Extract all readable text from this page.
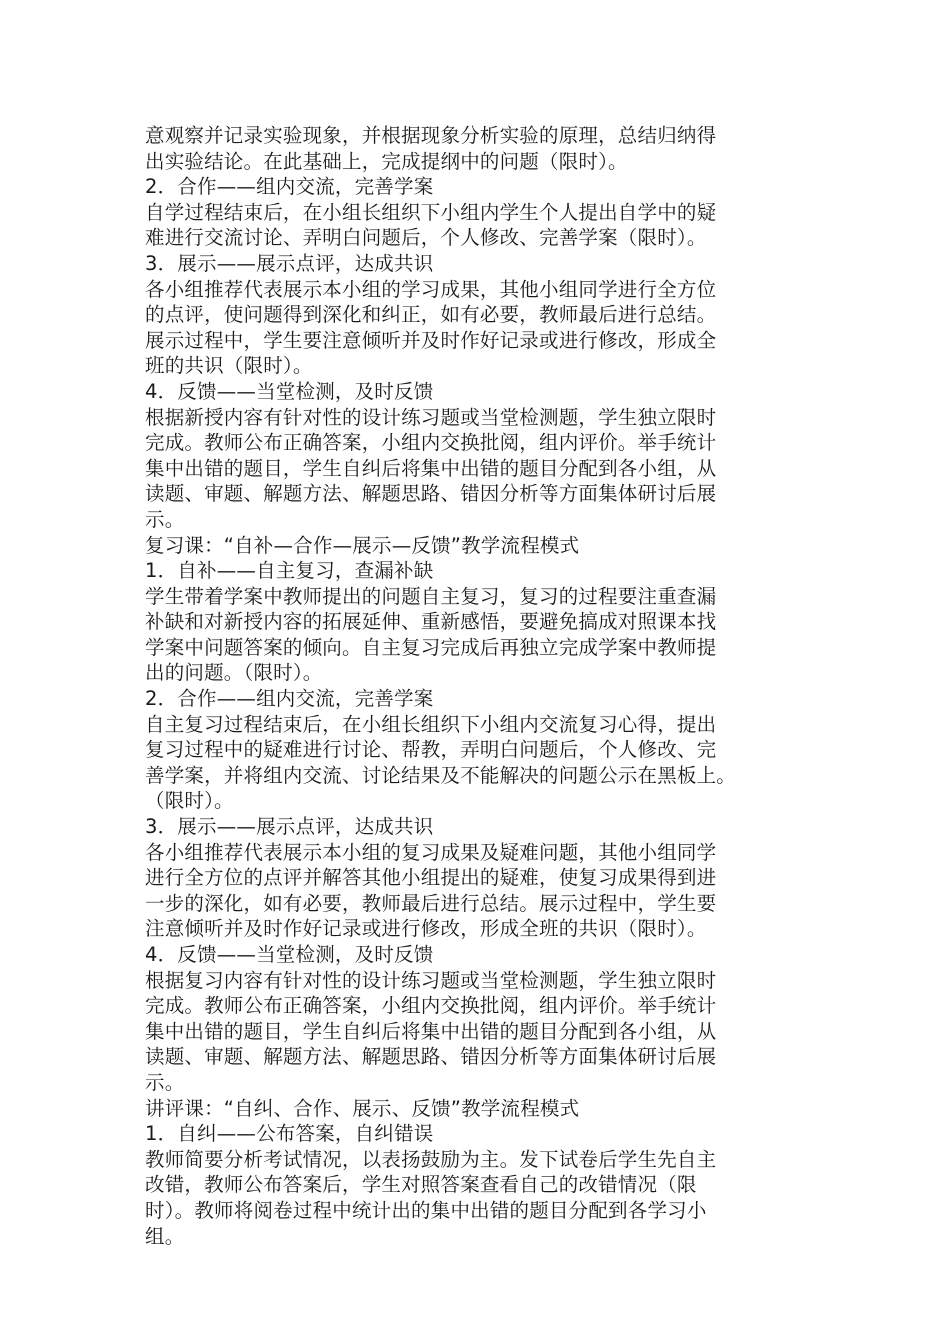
意观察并记录实验现象，并根据现象分析实验的原理，总结归纳得
出实验结论。在此基础上，完成提纲中的问题（限时）。
2．合作——组内交流，完善学案
自学过程结束后，在小组长组织下小组内学生个人提出自学中的疑
难进行交流讨论、弄明白问题后，个人修改、完善学案（限时）。
3．展示——展示点评，达成共识
各小组推荐代表展示本小组的学习成果，其他小组同学进行全方位
的点评，使问题得到深化和纠正，如有必要，教师最后进行总结。
展示过程中，学生要注意倾听并及时作好记录或进行修改，形成全
班的共识（限时）。
4．反馈——当堂检测，及时反馈
根据新授内容有针对性的设计练习题或当堂检测题，学生独立限时
完成。教师公布正确答案，小组内交换批阅，组内评价。举手统计
集中出错的题目，学生自纠后将集中出错的题目分配到各小组，从
读题、审题、解题方法、解题思路、错因分析等方面集体研讨后展
示。
复习课：“自补—合作—展示—反馈”教学流程模式
1．自补——自主复习，查漏补缺
学生带着学案中教师提出的问题自主复习，复习的过程要注重查漏
补缺和对新授内容的拓展延伸、重新感悟，要避免搞成对照课本找
学案中问题答案的倾向。自主复习完成后再独立完成学案中教师提
出的问题。（限时）。
2．合作——组内交流，完善学案
自主复习过程结束后，在小组长组织下小组内交流复习心得，提出
复习过程中的疑难进行讨论、帮教，弄明白问题后，个人修改、完
善学案，并将组内交流、讨论结果及不能解决的问题公示在黑板上。
（限时）。
3．展示——展示点评，达成共识
各小组推荐代表展示本小组的复习成果及疑难问题，其他小组同学
进行全方位的点评并解答其他小组提出的疑难，使复习成果得到进
一步的深化，如有必要，教师最后进行总结。展示过程中，学生要
注意倾听并及时作好记录或进行修改，形成全班的共识（限时）。
4．反馈——当堂检测，及时反馈
根据复习内容有针对性的设计练习题或当堂检测题，学生独立限时
完成。教师公布正确答案，小组内交换批阅，组内评价。举手统计
集中出错的题目，学生自纠后将集中出错的题目分配到各小组，从
读题、审题、解题方法、解题思路、错因分析等方面集体研讨后展
示。
讲评课：“自纠、合作、展示、反馈”教学流程模式
1．自纠——公布答案，自纠错误
教师简要分析考试情况，以表扬鼓励为主。发下试卷后学生先自主
改错，教师公布答案后，学生对照答案查看自己的改错情况（限
时）。教师将阅卷过程中统计出的集中出错的题目分配到各学习小
组。
